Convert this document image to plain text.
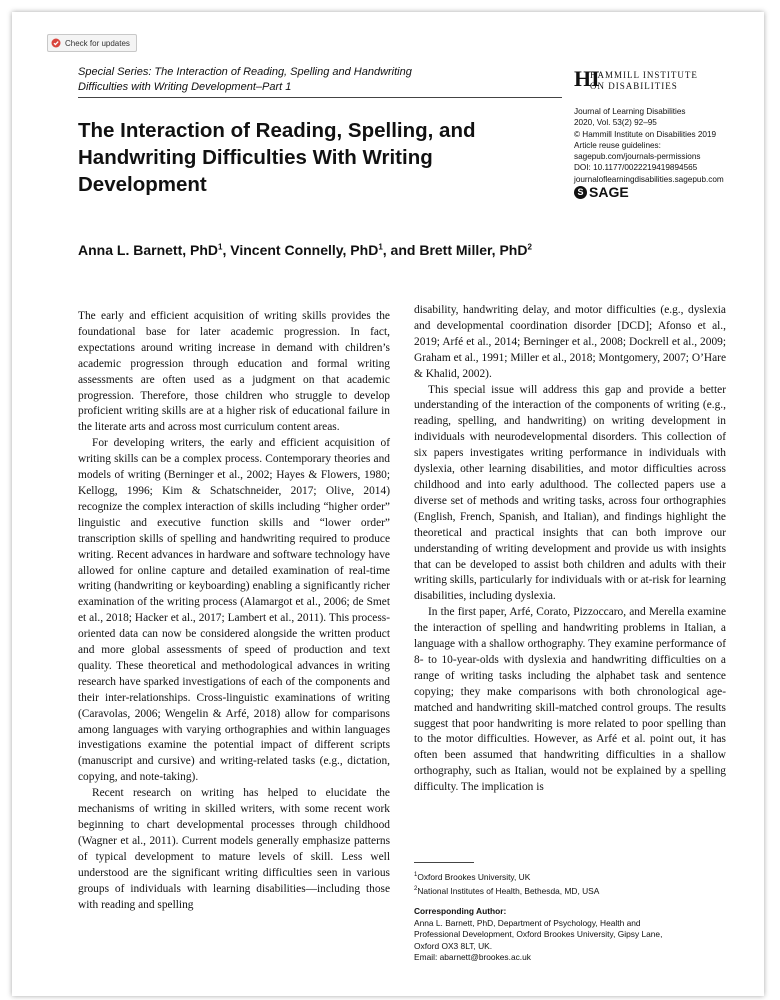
Check for updates
Special Series: The Interaction of Reading, Spelling and Handwriting
Difficulties with Writing Development–Part 1	HI
HAMMILL INSTITUTE
ON DISABILITIES
Journal of Learning Disabilities
2020, Vol. 53(2) 92–95
© Hammill Institute on Disabilities 2019
Article reuse guidelines:
sagepub.com/journals-permissions
DOI: 10.1177/0022219419894565
journaloflearningdisabilities.sagepub.com
S SAGE
The Interaction of Reading, Spelling, and Handwriting Difficulties With Writing Development
Anna L. Barnett, PhD$^1$, Vincent Connelly, PhD$^1$, and Brett Miller, PhD$^2$

The early and efficient acquisition of writing skills provides the foundational base for later academic progression. In fact, expectations around writing increase in demand with children’s academic progression through education and formal writing assessments are often used as a judgment on that academic progression. Therefore, those children who struggle to develop proficient writing skills are at a higher risk of educational failure in the literate arts and across most curriculum content areas.

For developing writers, the early and efficient acquisition of writing skills can be a complex process. Contemporary theories and models of writing (Berninger et al., 2002; Hayes & Flowers, 1980; Kellogg, 1996; Kim & Schatschneider, 2017; Olive, 2014) recognize the complex interaction of skills including “higher order” linguistic and executive function skills and “lower order” transcription skills of spelling and handwriting required to produce writing. Recent advances in hardware and software technology have allowed for online capture and detailed examination of real-time writing (handwriting or keyboarding) enabling a significantly richer examination of the writing process (Alamargot et al., 2006; de Smet et al., 2018; Hacker et al., 2017; Lambert et al., 2011). This process-oriented data can now be considered alongside the written product and more global assessments of speed of production and text quality. These theoretical and methodological advances in writing research have sparked investigations of each of the components and their inter-relationships. Cross-linguistic examinations of writing (Caravolas, 2006; Wengelin & Arfé, 2018) allow for comparisons among languages with varying orthographies and within languages investigations examine the potential impact of different scripts (manuscript and cursive) and writing-related tasks (e.g., dictation, copying, and note-taking).

Recent research on writing has helped to elucidate the mechanisms of writing in skilled writers, with some recent work beginning to chart developmental processes through childhood (Wagner et al., 2011). Current models generally emphasize patterns of typical development to mature levels of skill. Less well understood are the significant writing difficulties seen in various groups of individuals with learning disabilities—including those with reading and spelling

disability, handwriting delay, and motor difficulties (e.g., dyslexia and developmental coordination disorder [DCD]; Afonso et al., 2019; Arfé et al., 2014; Berninger et al., 2008; Dockrell et al., 2009; Graham et al., 1991; Miller et al., 2018; Montgomery, 2007; O’Hare & Khalid, 2002).

This special issue will address this gap and provide a better understanding of the interaction of the components of writing (e.g., reading, spelling, and handwriting) on writing development in individuals with neurodevelopmental disorders. This collection of six papers investigates writing performance in individuals with dyslexia, other learning disabilities, and motor difficulties across childhood and into early adulthood. The collected papers use a diverse set of methods and writing tasks, across four orthographies (English, French, Spanish, and Italian), and findings highlight the theoretical and practical insights that can both improve our understanding of writing development and provide us with insights that can be developed to assist both children and adults with their writing skills, particularly for individuals with or at-risk for learning disabilities, including dyslexia.

In the first paper, Arfé, Corato, Pizzoccaro, and Merella examine the interaction of spelling and handwriting problems in Italian, a language with a shallow orthography. They examine performance of 8- to 10-year-olds with dyslexia and handwriting difficulties on a range of writing tasks including the alphabet task and sentence copying; they make comparisons with both chronological age-matched and handwriting skill-matched control groups. The results suggest that poor handwriting is more related to poor spelling than to the motor difficulties. However, as Arfé et al. point out, it has often been assumed that handwriting difficulties in a shallow orthography, such as Italian, would not be explained by a spelling difficulty. The implication is

$^1$Oxford Brookes University, UK
$^2$National Institutes of Health, Bethesda, MD, USA
Corresponding Author:
Anna L. Barnett, PhD, Department of Psychology, Health and
Professional Development, Oxford Brookes University, Gipsy Lane,
Oxford OX3 8LT, UK.
Email: abarnett@brookes.ac.uk
